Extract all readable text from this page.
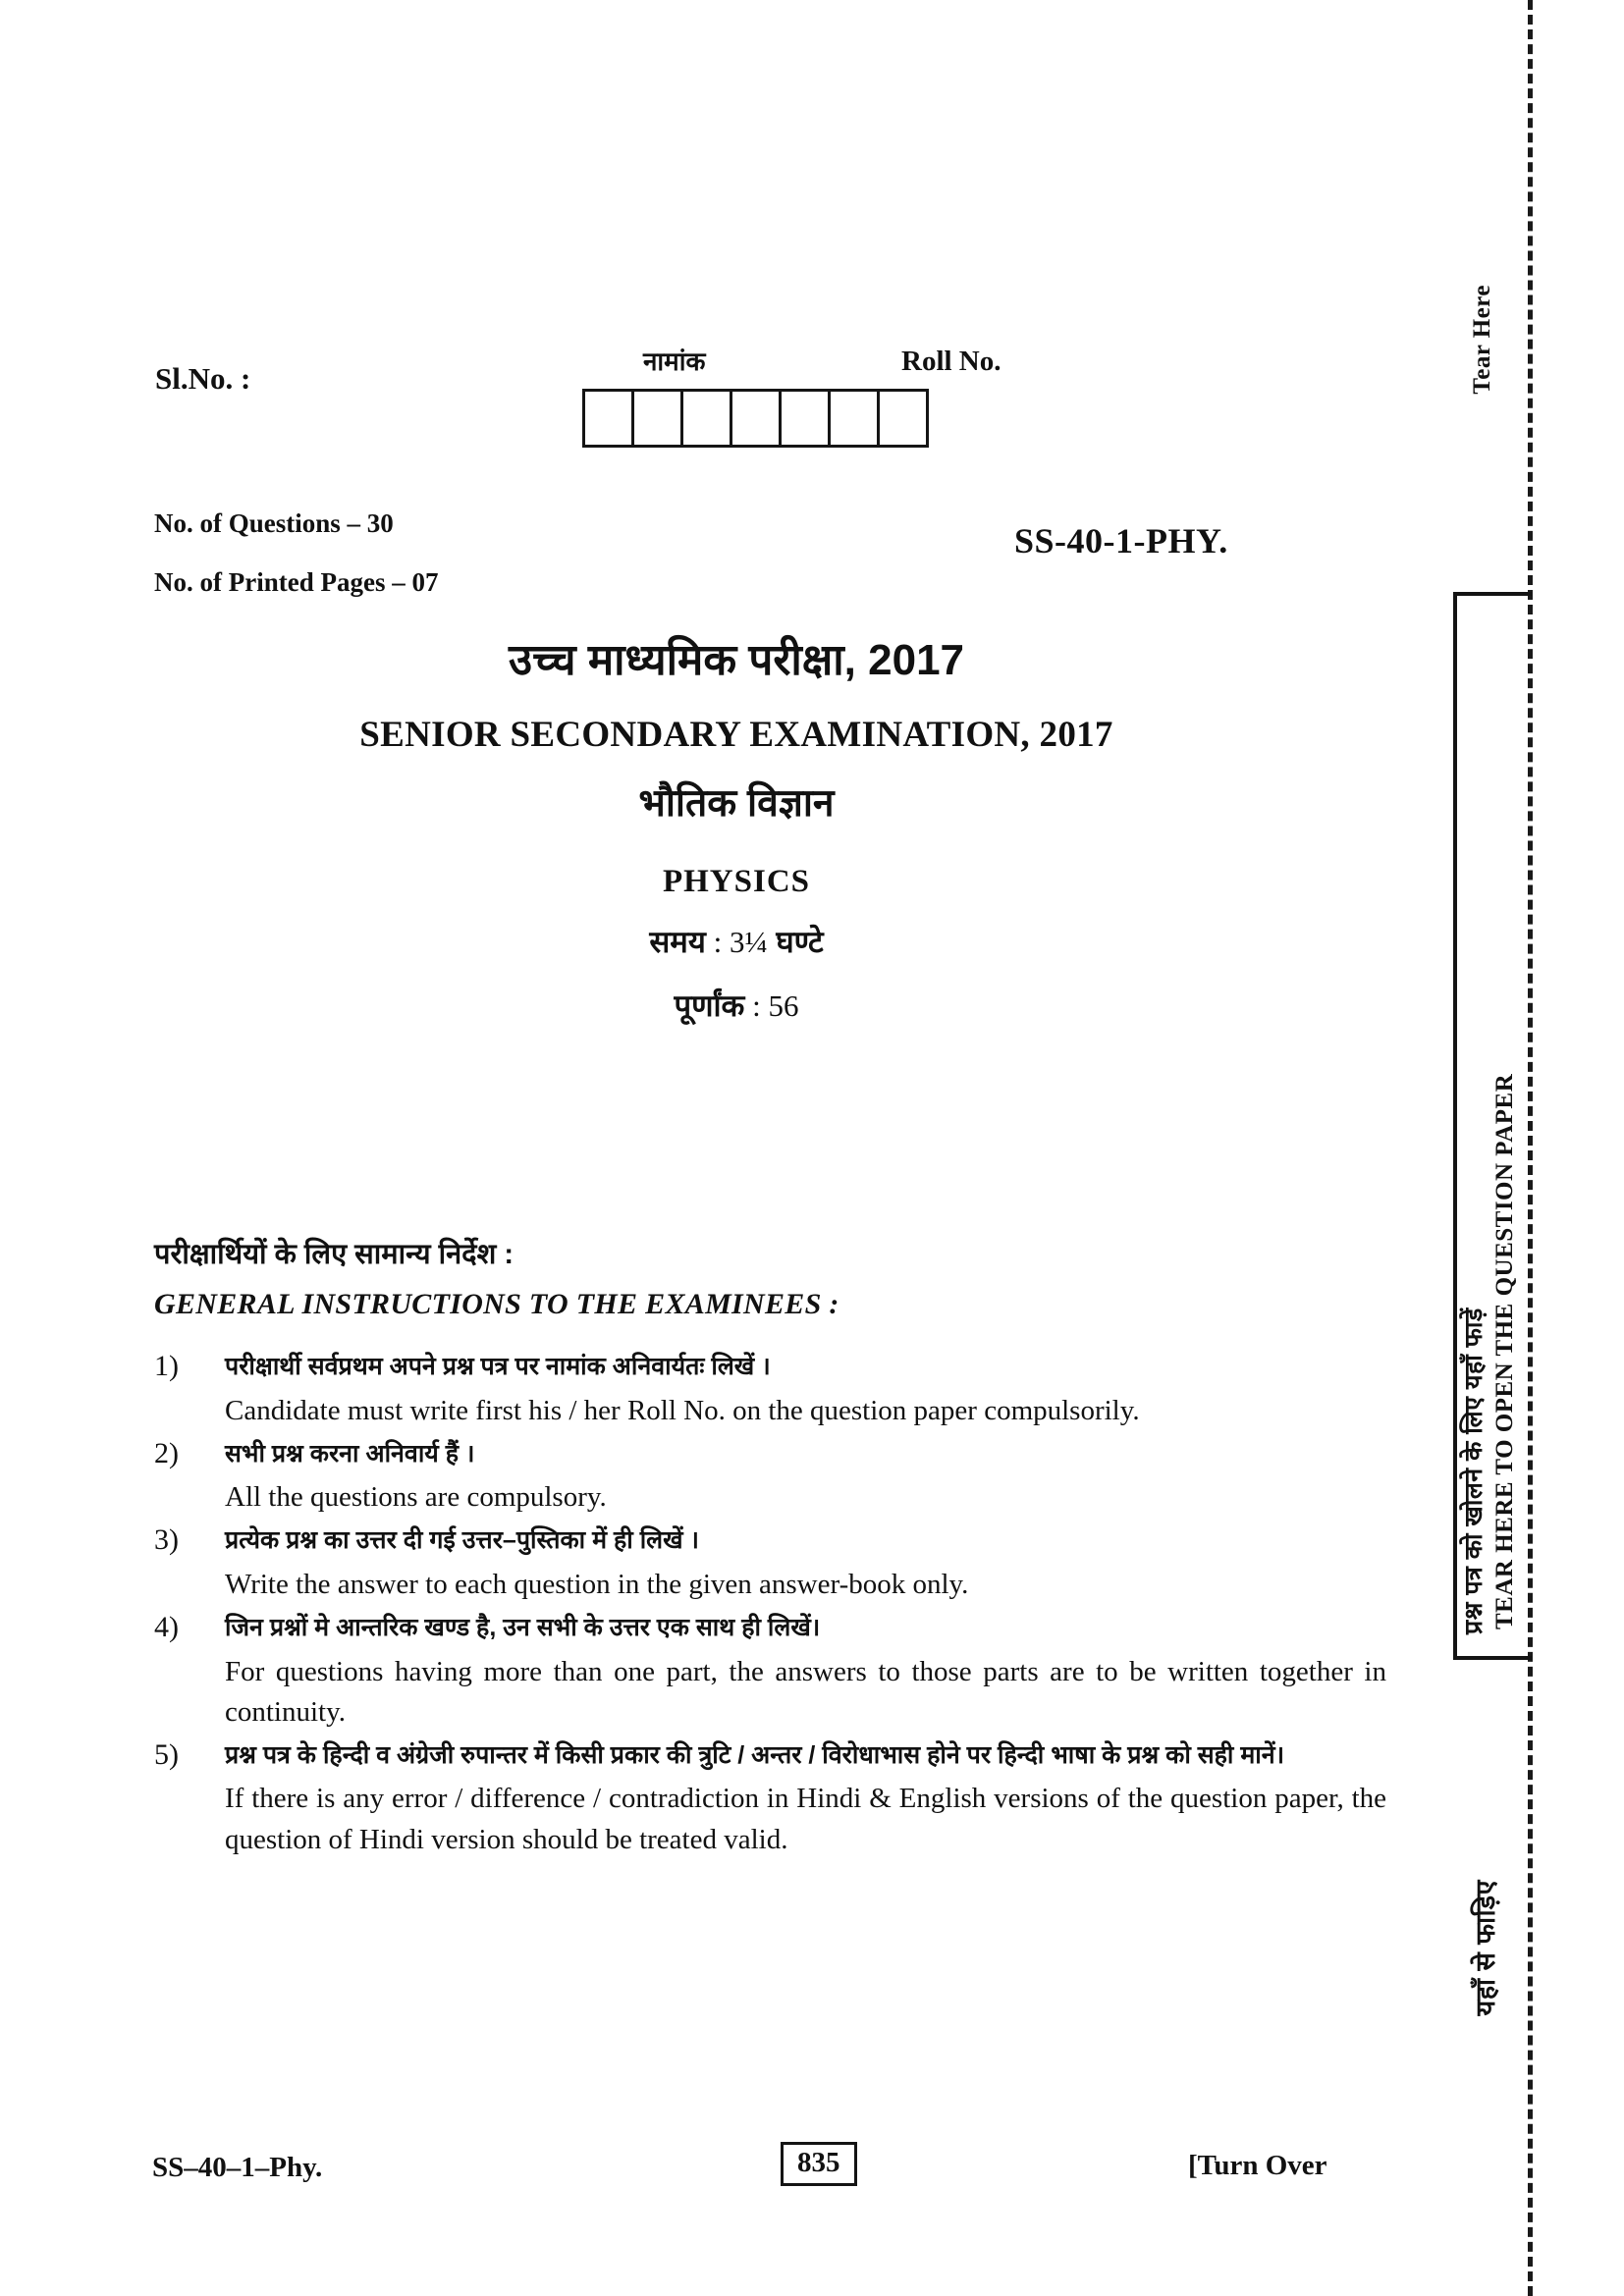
Tear Here
TEAR HERE TO OPEN THE QUESTION PAPER
प्रश्न पत्र को खोलने के लिए यहाँ फाड़ें
यहाँ से फाड़िए
Sl.No. :	नामांक	Roll No.
No. of Questions – 30
No. of Printed Pages – 07
SS-40-1-PHY.
उच्च माध्यमिक परीक्षा, 2017
SENIOR SECONDARY EXAMINATION, 2017
भौतिक विज्ञान
PHYSICS
समय : 3¼ घण्टे
पूर्णांक : 56
परीक्षार्थियों के लिए सामान्य निर्देश :
GENERAL INSTRUCTIONS TO THE EXAMINEES :
1) परीक्षार्थी सर्वप्रथम अपने प्रश्न पत्र पर नामांक अनिवार्यतः लिखें ।
Candidate must write first his / her Roll No. on the question paper compulsorily.
2) सभी प्रश्न करना अनिवार्य हैं ।
All the questions are compulsory.
3) प्रत्येक प्रश्न का उत्तर दी गई उत्तर–पुस्तिका में ही लिखें ।
Write the answer to each question in the given answer-book only.
4) जिन प्रश्नों मे आन्तरिक खण्ड है, उन सभी के उत्तर एक साथ ही लिखें।
For questions having more than one part, the answers to those parts are to be written together in continuity.
5) प्रश्न पत्र के हिन्दी व अंग्रेजी रुपान्तर में किसी प्रकार की त्रुटि / अन्तर / विरोधाभास होने पर हिन्दी भाषा के प्रश्न को सही मानें।
If there is any error / difference / contradiction in Hindi & English versions of the question paper, the question of Hindi version should be treated valid.
SS–40–1–Phy.	835	[Turn Over
